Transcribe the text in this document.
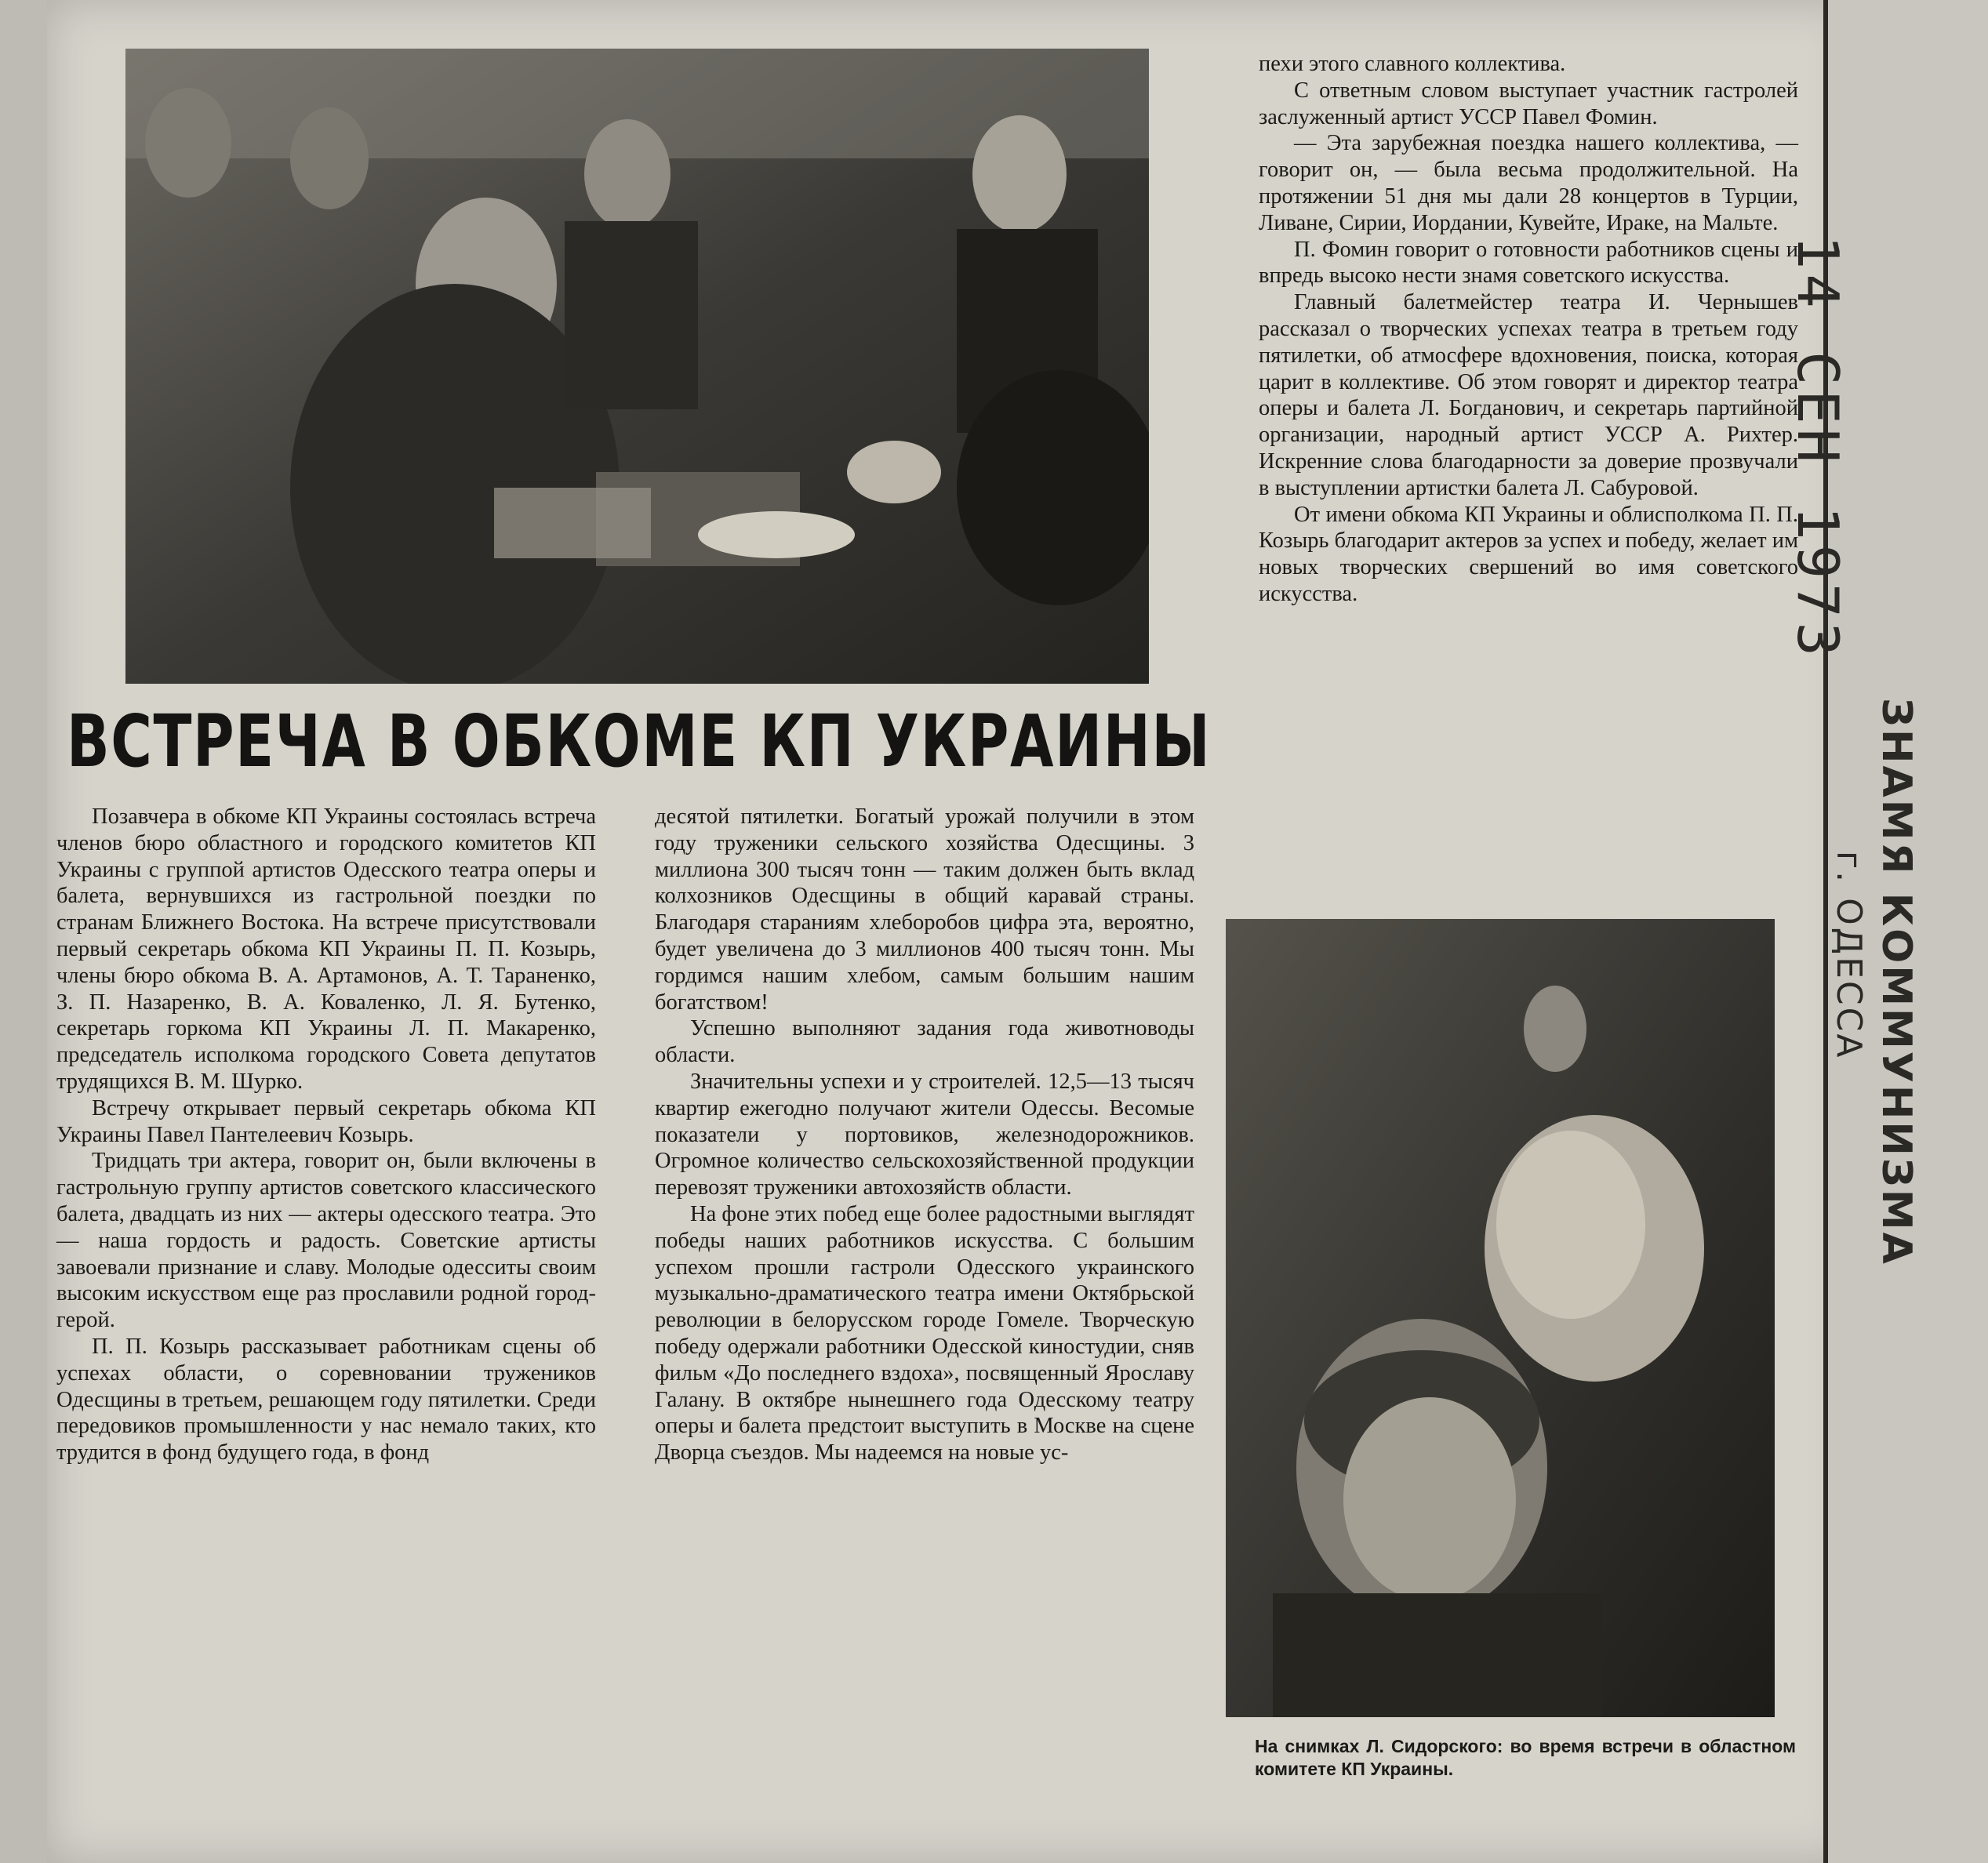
ВСТРЕЧА В ОБКОМЕ КП УКРАИНЫ

Позавчера в обкоме КП Украины состоялась встреча членов бюро областного и городского комитетов КП Украины с группой артистов Одесского театра оперы и балета, вернувшихся из гастрольной поездки по странам Ближнего Востока. На встрече присутствовали первый секретарь обкома КП Украины П. П. Козырь, члены бюро обкома В. А. Артамонов, А. Т. Тараненко, З. П. Назаренко, В. А. Коваленко, Л. Я. Бутенко, секретарь горкома КП Украины Л. П. Макаренко, председатель исполкома городского Совета депутатов трудящихся В. М. Шурко.

Встречу открывает первый секретарь обкома КП Украины Павел Пантелеевич Козырь.

Тридцать три актера, говорит он, были включены в гастрольную группу артистов советского классического балета, двадцать из них — актеры одесского театра. Это — наша гордость и радость. Советские артисты завоевали признание и славу. Молодые одесситы своим высоким искусством еще раз прославили родной город-герой.

П. П. Козырь рассказывает работникам сцены об успехах области, о соревновании тружеников Одесщины в третьем, решающем году пятилетки. Среди передовиков промышленности у нас немало таких, кто трудится в фонд будущего года, в фонд

десятой пятилетки. Богатый урожай получили в этом году труженики сельского хозяйства Одесщины. 3 миллиона 300 тысяч тонн — таким должен быть вклад колхозников Одесщины в общий каравай страны. Благодаря стараниям хлеборобов цифра эта, вероятно, будет увеличена до 3 миллионов 400 тысяч тонн. Мы гордимся нашим хлебом, самым большим нашим богатством!

Успешно выполняют задания года животноводы области.

Значительны успехи и у строителей. 12,5—13 тысяч квартир ежегодно получают жители Одессы. Весомые показатели у портовиков, железнодорожников. Огромное количество сельскохозяйственной продукции перевозят труженики автохозяйств области.

На фоне этих побед еще более радостными выглядят победы наших работников искусства. С большим успехом прошли гастроли Одесского украинского музыкально-драматического театра имени Октябрьской революции в белорусском городе Гомеле. Творческую победу одержали работники Одесской киностудии, сняв фильм «До последнего вздоха», посвященный Ярославу Галану. В октябре нынешнего года Одесскому театру оперы и балета предстоит выступить в Москве на сцене Дворца съездов. Мы надеемся на новые ус-

пехи этого славного коллектива.

С ответным словом выступает участник гастролей заслуженный артист УССР Павел Фомин.

— Эта зарубежная поездка нашего коллектива, — говорит он, — была весьма продолжительной. На протяжении 51 дня мы дали 28 концертов в Турции, Ливане, Сирии, Иордании, Кувейте, Ираке, на Мальте.

П. Фомин говорит о готовности работников сцены и впредь высоко нести знамя советского искусства.

Главный балетмейстер театра И. Чернышев рассказал о творческих успехах театра в третьем году пятилетки, об атмосфере вдохновения, поиска, которая царит в коллективе. Об этом говорят и директор театра оперы и балета Л. Богданович, и секретарь партийной организации, народный артист УССР А. Рихтер. Искренние слова благодарности за доверие прозвучали в выступлении артистки балета Л. Сабуровой.

От имени обкома КП Украины и облисполкома П. П. Козырь благодарит актеров за успех и победу, желает им новых творческих свершений во имя советского искусства.

На снимках Л. Сидорского: во время встречи в областном комитете КП Украины.
14 СЕН 1973
ЗНАМЯ КОММУНИЗМА
г. ОДЕССА
